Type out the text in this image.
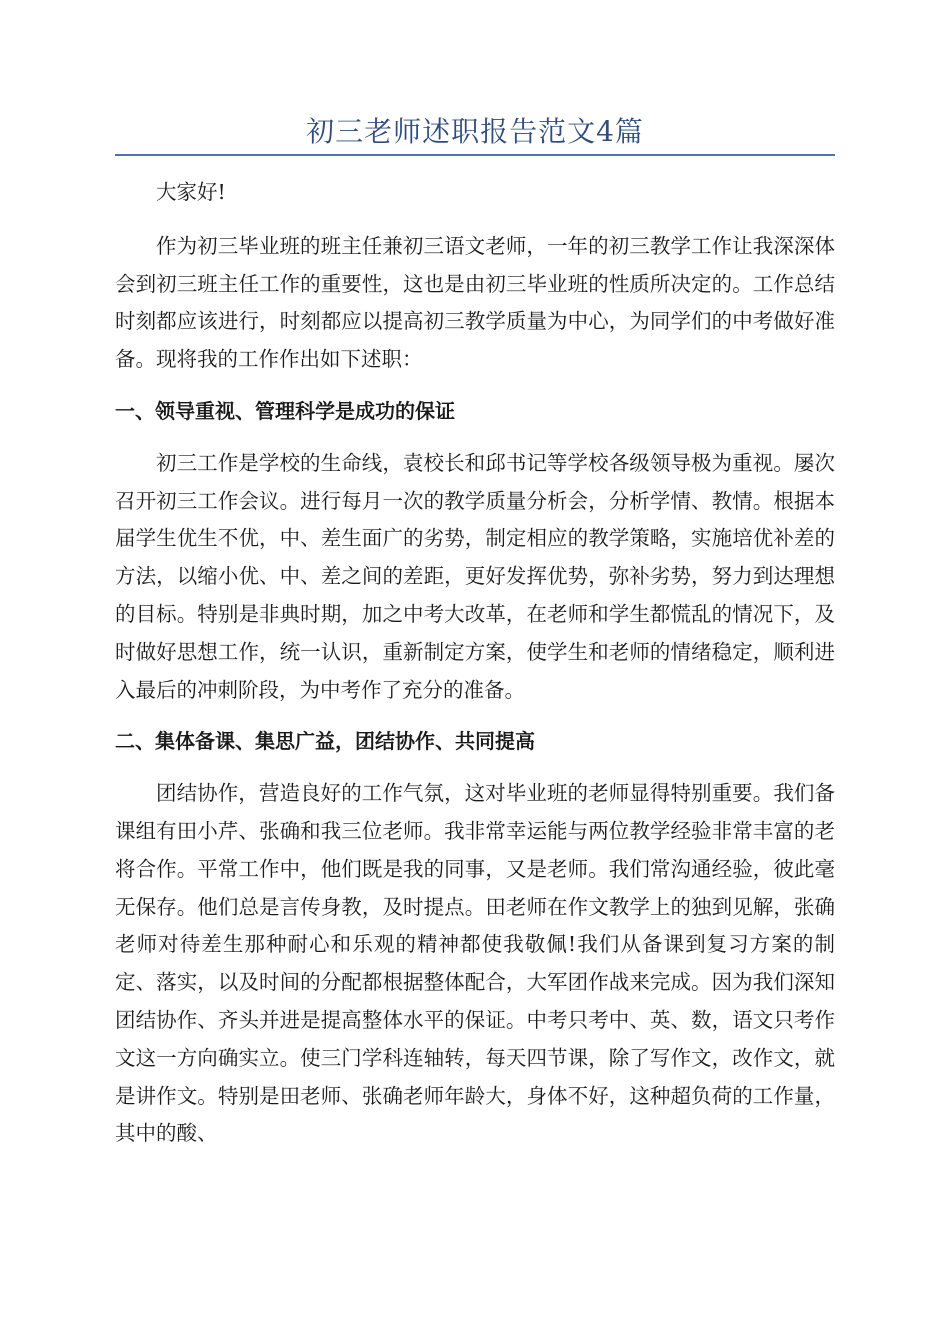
初三老师述职报告范文4篇

大家好!

作为初三毕业班的班主任兼初三语文老师，一年的初三教学工作让我深深体会到初三班主任工作的重要性，这也是由初三毕业班的性质所决定的。工作总结时刻都应该进行，时刻都应以提高初三教学质量为中心，为同学们的中考做好准备。现将我的工作作出如下述职：

一、领导重视、管理科学是成功的保证

初三工作是学校的生命线，袁校长和邱书记等学校各级领导极为重视。屡次召开初三工作会议。进行每月一次的教学质量分析会，分析学情、教情。根据本届学生优生不优，中、差生面广的劣势，制定相应的教学策略，实施培优补差的方法，以缩小优、中、差之间的差距，更好发挥优势，弥补劣势，努力到达理想的目标。特别是非典时期，加之中考大改革，在老师和学生都慌乱的情况下，及时做好思想工作，统一认识，重新制定方案，使学生和老师的情绪稳定，顺利进入最后的冲刺阶段，为中考作了充分的准备。

二、集体备课、集思广益，团结协作、共同提高

团结协作，营造良好的工作气氛，这对毕业班的老师显得特别重要。我们备课组有田小芹、张确和我三位老师。我非常幸运能与两位教学经验非常丰富的老将合作。平常工作中，他们既是我的同事，又是老师。我们常沟通经验，彼此毫无保存。他们总是言传身教，及时提点。田老师在作文教学上的独到见解，张确老师对待差生那种耐心和乐观的精神都使我敬佩!我们从备课到复习方案的制定、落实，以及时间的分配都根据整体配合，大军团作战来完成。因为我们深知团结协作、齐头并进是提高整体水平的保证。中考只考中、英、数，语文只考作文这一方向确实立。使三门学科连轴转，每天四节课，除了写作文，改作文，就是讲作文。特别是田老师、张确老师年龄大，身体不好，这种超负荷的工作量，其中的酸、
